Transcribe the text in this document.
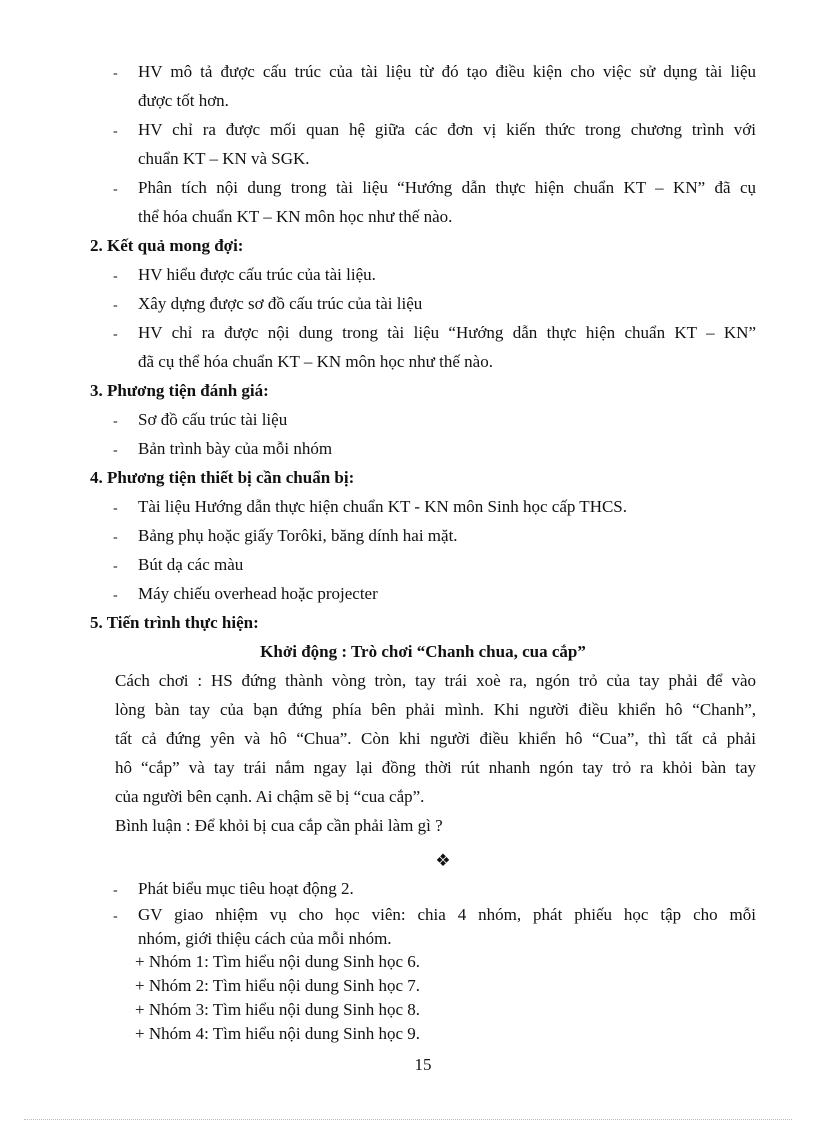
- HV mô tả được cấu trúc của tài liệu từ đó tạo điều kiện cho việc sử dụng tài liệu
được tốt hơn.
- HV chỉ ra được mối quan hệ giữa các đơn vị kiến thức trong chương trình với
chuẩn KT – KN và SGK.
- Phân tích nội dung trong tài liệu “Hướng dẫn thực hiện chuẩn KT – KN” đã cụ
thể hóa chuẩn KT – KN môn học như thế nào.
2. Kết quả mong đợi:
- HV hiểu được cấu trúc của tài liệu.
- Xây dựng được sơ đồ cấu trúc của tài liệu
- HV chỉ ra được nội dung trong tài liệu “Hướng dẫn thực hiện chuẩn KT – KN”
đã cụ thể hóa chuẩn KT – KN môn học như thế nào.
3. Phương tiện đánh giá:
- Sơ đồ cấu trúc tài liệu
- Bản trình bày của mỗi nhóm
4. Phương tiện thiết bị cần chuẩn bị:
- Tài liệu Hướng dẫn thực hiện chuẩn KT - KN môn Sinh học cấp THCS.
- Bảng phụ hoặc giấy Torôki, băng dính hai mặt.
- Bút dạ các màu
- Máy chiếu overhead hoặc projecter
5. Tiến trình thực hiện:
Khởi động : Trò chơi “Chanh chua, cua cắp”
Cách chơi : HS đứng thành vòng tròn, tay trái xoè ra, ngón trỏ của tay phải để vào
lòng bàn tay của bạn đứng phía bên phải mình. Khi người điều khiển hô “Chanh”,
tất cả đứng yên và hô “Chua”. Còn khi người điều khiển hô “Cua”, thì tất cả phải
hô “cắp” và tay trái nắm ngay lại đồng thời rút nhanh ngón tay trỏ ra khỏi bàn tay
của người bên cạnh. Ai chậm sẽ bị “cua cắp”.
Bình luận : Để khỏi bị cua cắp cần phải làm gì ?
❖
- Phát biểu mục tiêu hoạt động 2.
- GV giao nhiệm vụ cho học viên: chia 4 nhóm, phát phiếu học tập cho mỗi
nhóm, giới thiệu cách của mỗi nhóm.
+ Nhóm 1: Tìm hiểu nội dung Sinh học 6.
+ Nhóm 2: Tìm hiểu nội dung Sinh học 7.
+ Nhóm 3: Tìm hiểu nội dung Sinh học 8.
+ Nhóm 4: Tìm hiểu nội dung Sinh học 9.
15
